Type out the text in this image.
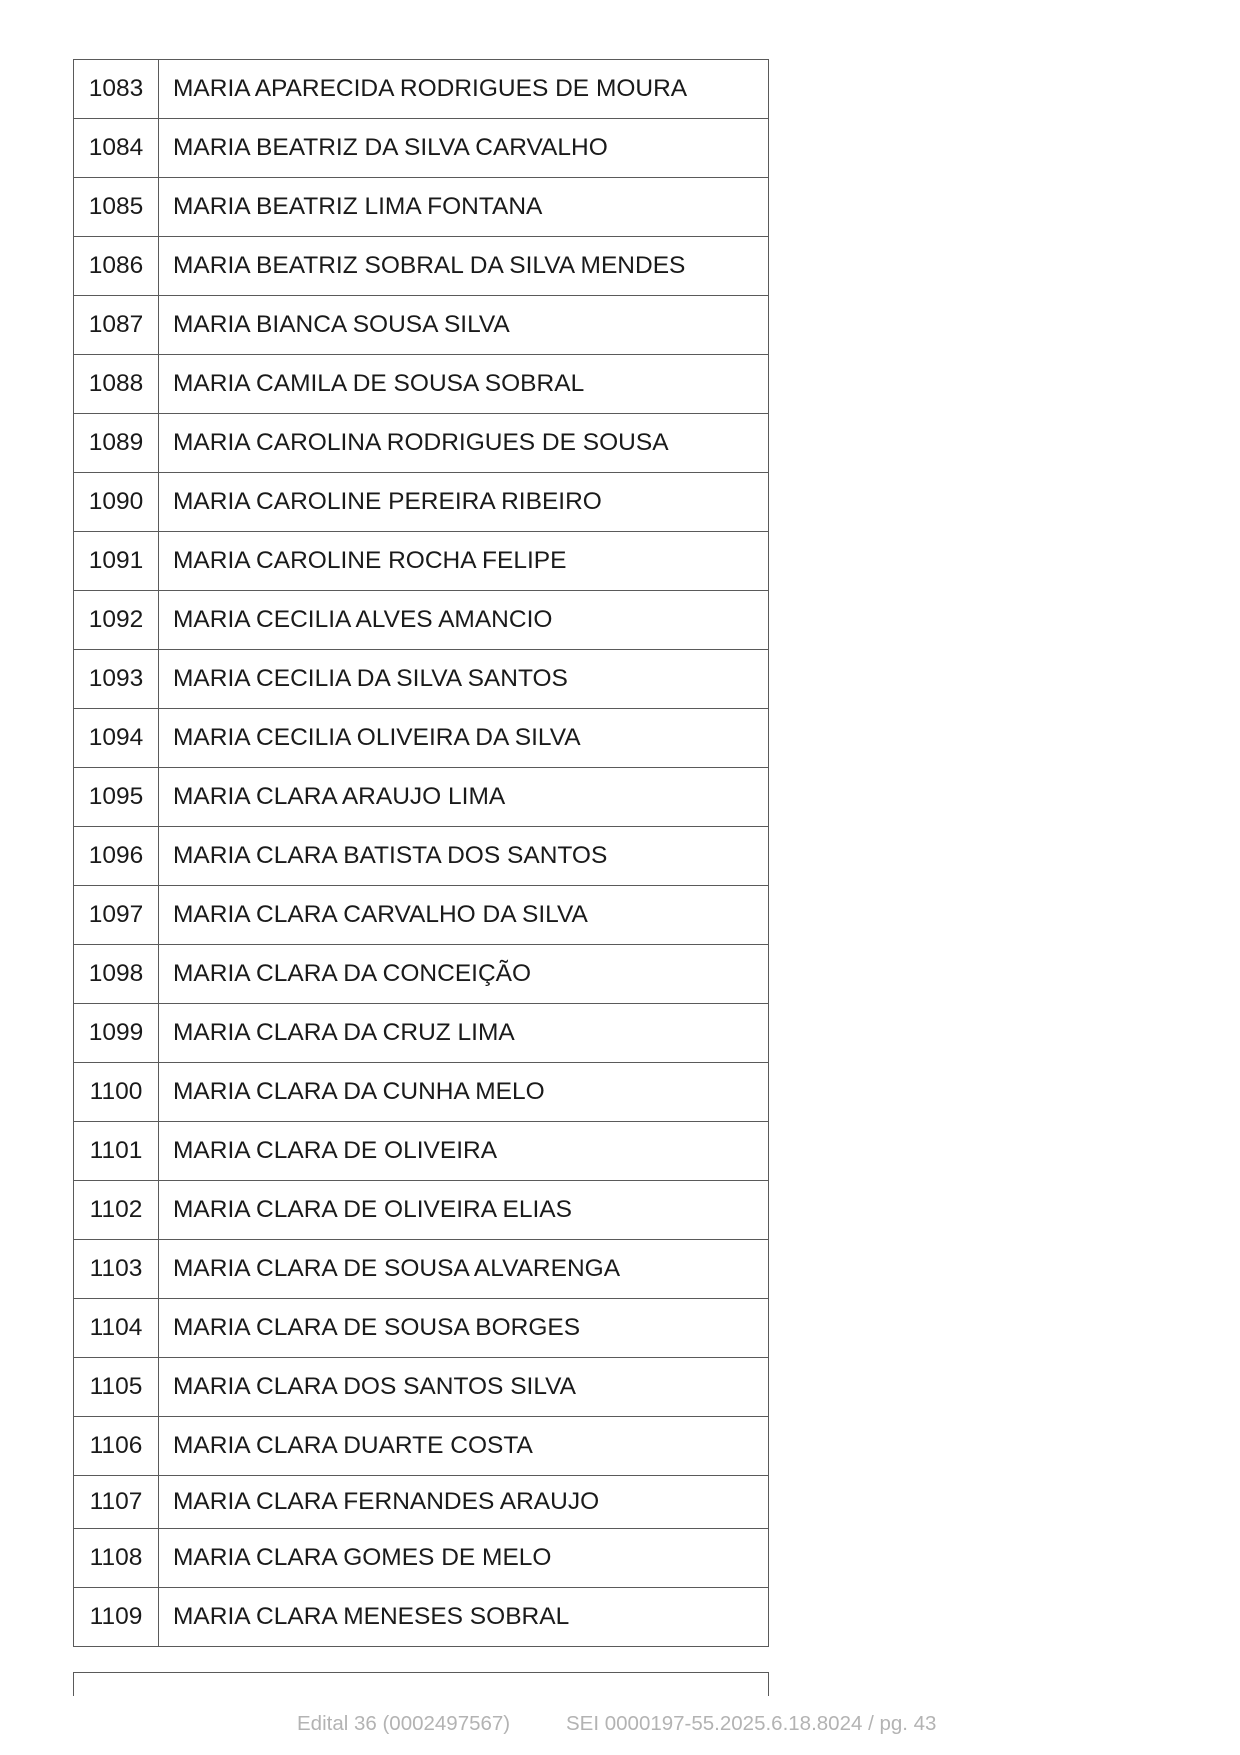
1083	MARIA APARECIDA RODRIGUES DE MOURA
1084	MARIA BEATRIZ DA SILVA CARVALHO
1085	MARIA BEATRIZ LIMA FONTANA
1086	MARIA BEATRIZ SOBRAL DA SILVA MENDES
1087	MARIA BIANCA SOUSA SILVA
1088	MARIA CAMILA DE SOUSA SOBRAL
1089	MARIA CAROLINA RODRIGUES DE SOUSA
1090	MARIA CAROLINE PEREIRA RIBEIRO
1091	MARIA CAROLINE ROCHA FELIPE
1092	MARIA CECILIA ALVES AMANCIO
1093	MARIA CECILIA DA SILVA SANTOS
1094	MARIA CECILIA OLIVEIRA DA SILVA
1095	MARIA CLARA ARAUJO LIMA
1096	MARIA CLARA BATISTA DOS SANTOS
1097	MARIA CLARA CARVALHO DA SILVA
1098	MARIA CLARA DA CONCEIÇÃO
1099	MARIA CLARA DA CRUZ LIMA
1100	MARIA CLARA DA CUNHA MELO
1101	MARIA CLARA DE OLIVEIRA
1102	MARIA CLARA DE OLIVEIRA ELIAS
1103	MARIA CLARA DE SOUSA ALVARENGA
1104	MARIA CLARA DE SOUSA BORGES
1105	MARIA CLARA DOS SANTOS SILVA
1106	MARIA CLARA DUARTE COSTA
1107	MARIA CLARA FERNANDES ARAUJO
1108	MARIA CLARA GOMES DE MELO
1109	MARIA CLARA MENESES SOBRAL
Edital 36 (0002497567)	SEI 0000197-55.2025.6.18.8024 / pg. 43
